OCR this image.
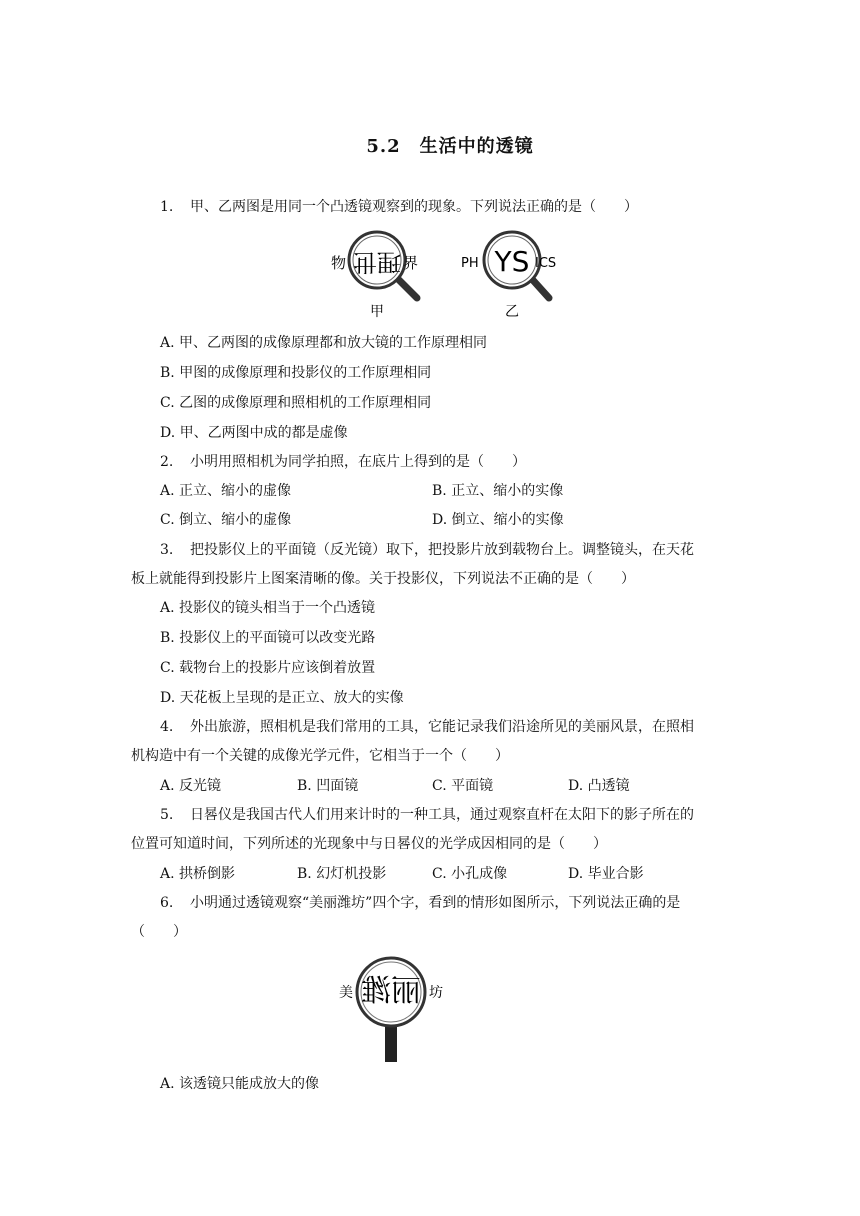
5.2　生活中的透镜
1. 甲、乙两图是用同一个凸透镜观察到的现象。下列说法正确的是（　　）
物	界
理世
甲
PH	ICS
YS
乙
A. 甲、乙两图的成像原理都和放大镜的工作原理相同
B. 甲图的成像原理和投影仪的工作原理相同
C. 乙图的成像原理和照相机的工作原理相同
D. 甲、乙两图中成的都是虚像
2. 小明用照相机为同学拍照，在底片上得到的是（　　）
A. 正立、缩小的虚像	B. 正立、缩小的实像
C. 倒立、缩小的虚像	D. 倒立、缩小的实像
3. 把投影仪上的平面镜（反光镜）取下，把投影片放到载物台上。调整镜头，在天花
板上就能得到投影片上图案清晰的像。关于投影仪，下列说法不正确的是（　　）
A. 投影仪的镜头相当于一个凸透镜
B. 投影仪上的平面镜可以改变光路
C. 载物台上的投影片应该倒着放置
D. 天花板上呈现的是正立、放大的实像
4. 外出旅游，照相机是我们常用的工具，它能记录我们沿途所见的美丽风景，在照相
机构造中有一个关键的成像光学元件，它相当于一个（　　）
A. 反光镜	B. 凹面镜	C. 平面镜	D. 凸透镜
5. 日晷仪是我国古代人们用来计时的一种工具，通过观察直杆在太阳下的影子所在的
位置可知道时间，下列所述的光现象中与日晷仪的光学成因相同的是（　　）
A. 拱桥倒影	B. 幻灯机投影	C. 小孔成像	D. 毕业合影
6. 小明通过透镜观察“美丽潍坊”四个字，看到的情形如图所示，下列说法正确的是
（　　）
美	坊
丽潍
A. 该透镜只能成放大的像
